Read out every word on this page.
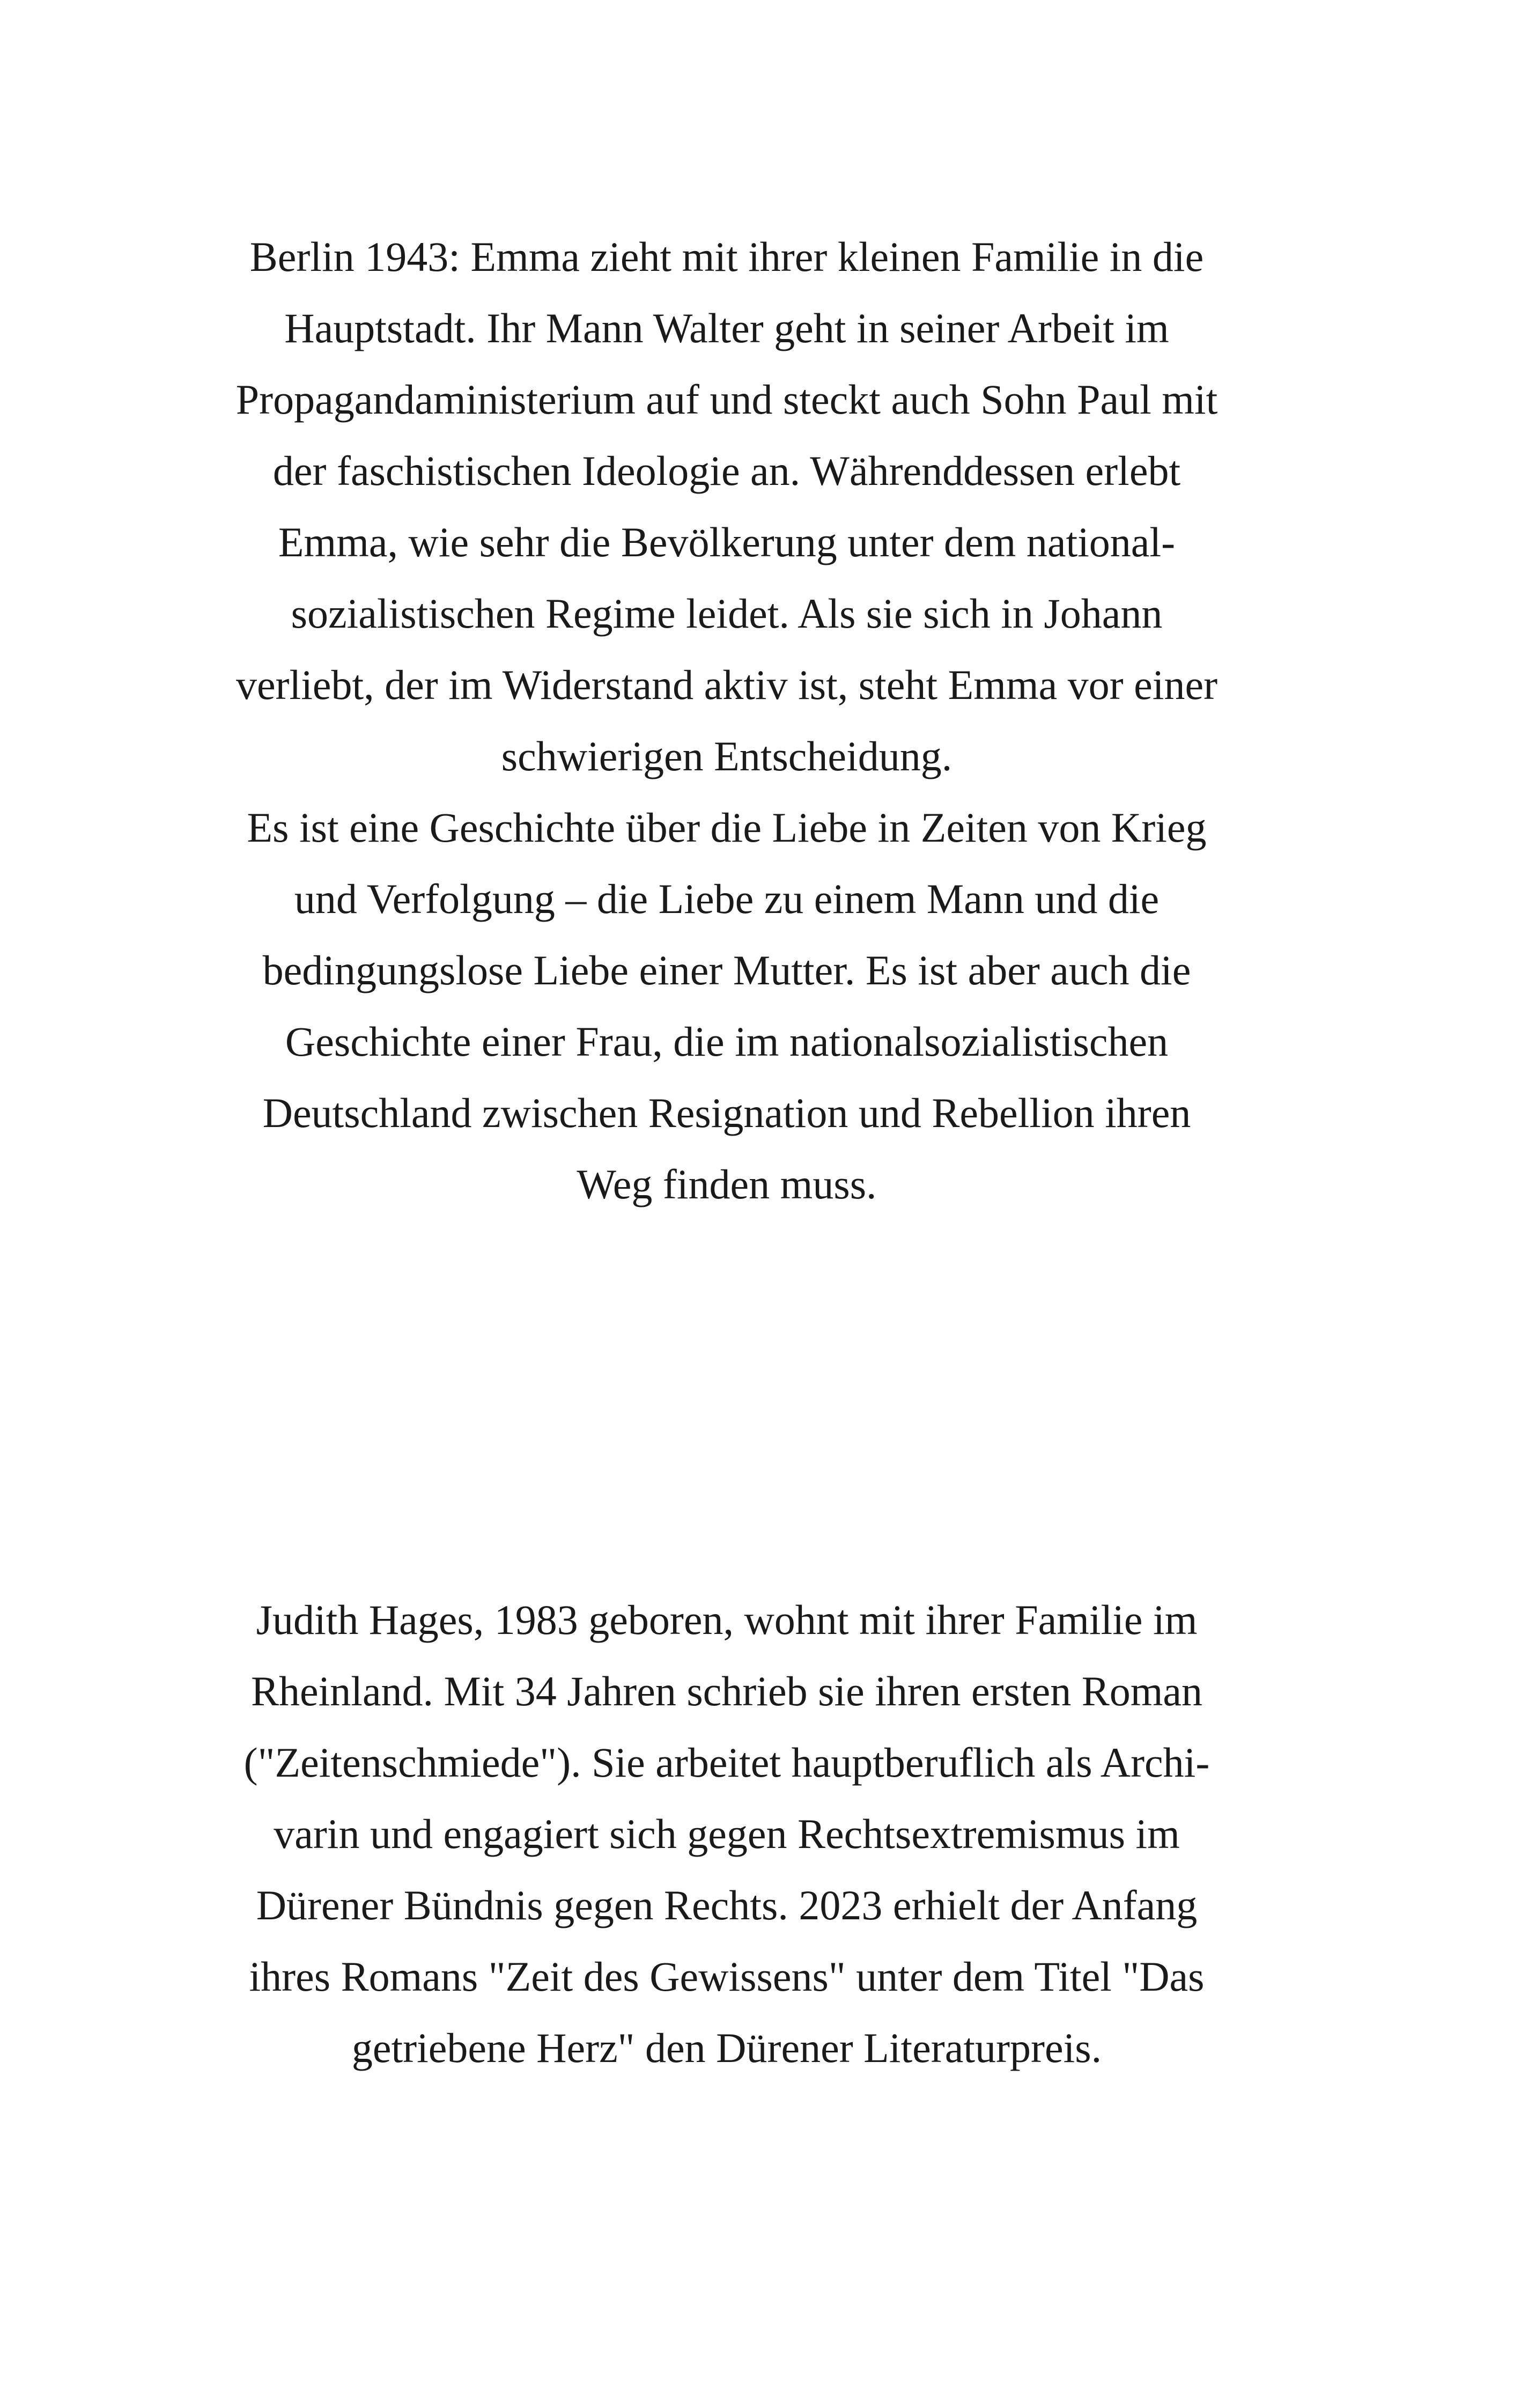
Berlin 1943: Emma zieht mit ihrer kleinen Familie in die
Hauptstadt. Ihr Mann Walter geht in seiner Arbeit im
Propagandaministerium auf und steckt auch Sohn Paul mit
der faschistischen Ideologie an. Währenddessen erlebt
Emma, wie sehr die Bevölkerung unter dem national-
sozialistischen Regime leidet. Als sie sich in Johann
verliebt, der im Widerstand aktiv ist, steht Emma vor einer
schwierigen Entscheidung.
Es ist eine Geschichte über die Liebe in Zeiten von Krieg
und Verfolgung – die Liebe zu einem Mann und die
bedingungslose Liebe einer Mutter. Es ist aber auch die
Geschichte einer Frau, die im nationalsozialistischen
Deutschland zwischen Resignation und Rebellion ihren
Weg finden muss.
Judith Hages, 1983 geboren, wohnt mit ihrer Familie im
Rheinland. Mit 34 Jahren schrieb sie ihren ersten Roman
("Zeitenschmiede"). Sie arbeitet hauptberuflich als Archi-
varin und engagiert sich gegen Rechtsextremismus im
Dürener Bündnis gegen Rechts. 2023 erhielt der Anfang
ihres Romans "Zeit des Gewissens" unter dem Titel "Das
getriebene Herz" den Dürener Literaturpreis.
